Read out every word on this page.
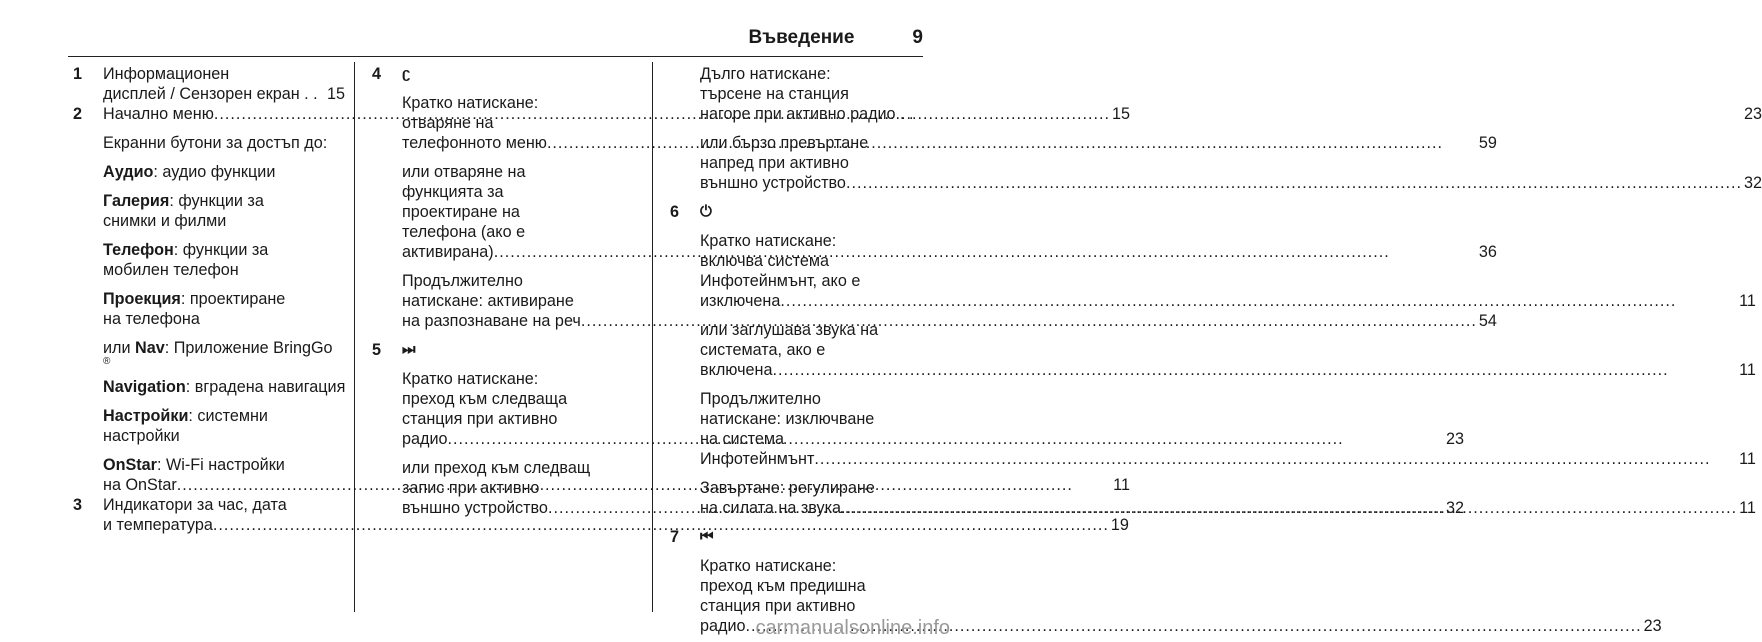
Въведение	9
1	Информационен
дисплей / Сензорен екран . . 15
2	Начално меню .....	15
Екранни бутони за достъп до:
Аудио: аудио функции
Галерия: функции за
снимки и филми
Телефон: функции за
мобилен телефон
Проекция: проектиране
на телефона
или Nav: Приложение BringGo
®
Navigation: вградена навигация
Настройки: системни
настройки
OnStar: Wi-Fi настройки
на OnStar .....	11
3	Индикатори за час, дата
и температура .....	19
4	ʗ
Кратко натискане:
отваряне на
телефонното меню .....	59
или отваряне на
функцията за
проектиране на
телефона (ако е
активирана) .....	36
Продължително
натискане: активиране
на разпознаване на реч .....	54
5	⏭
Кратко натискане:
преход към следваща
станция при активно
радио .....	23
или преход към следващ
запис при активно
външно устройство .....	32
Дълго натискане:
търсене на станция
нагоре при активно радио . .	23
или бързо превъртане
напред при активно
външно устройство .....	32
6	⏻
Кратко натискане:
включва система
Инфотейнмънт, ако е
изключена .....	11
или заглушава звука на
системата, ако е
включена .....	11
Продължително
натискане: изключване
на система
Инфотейнмънт .....	11
Завъртане: регулиране
на силата на звука .....	11
7	⏮
Кратко натискане:
преход към предишна
станция при активно
радио .....	23
carmanualsonline.info
